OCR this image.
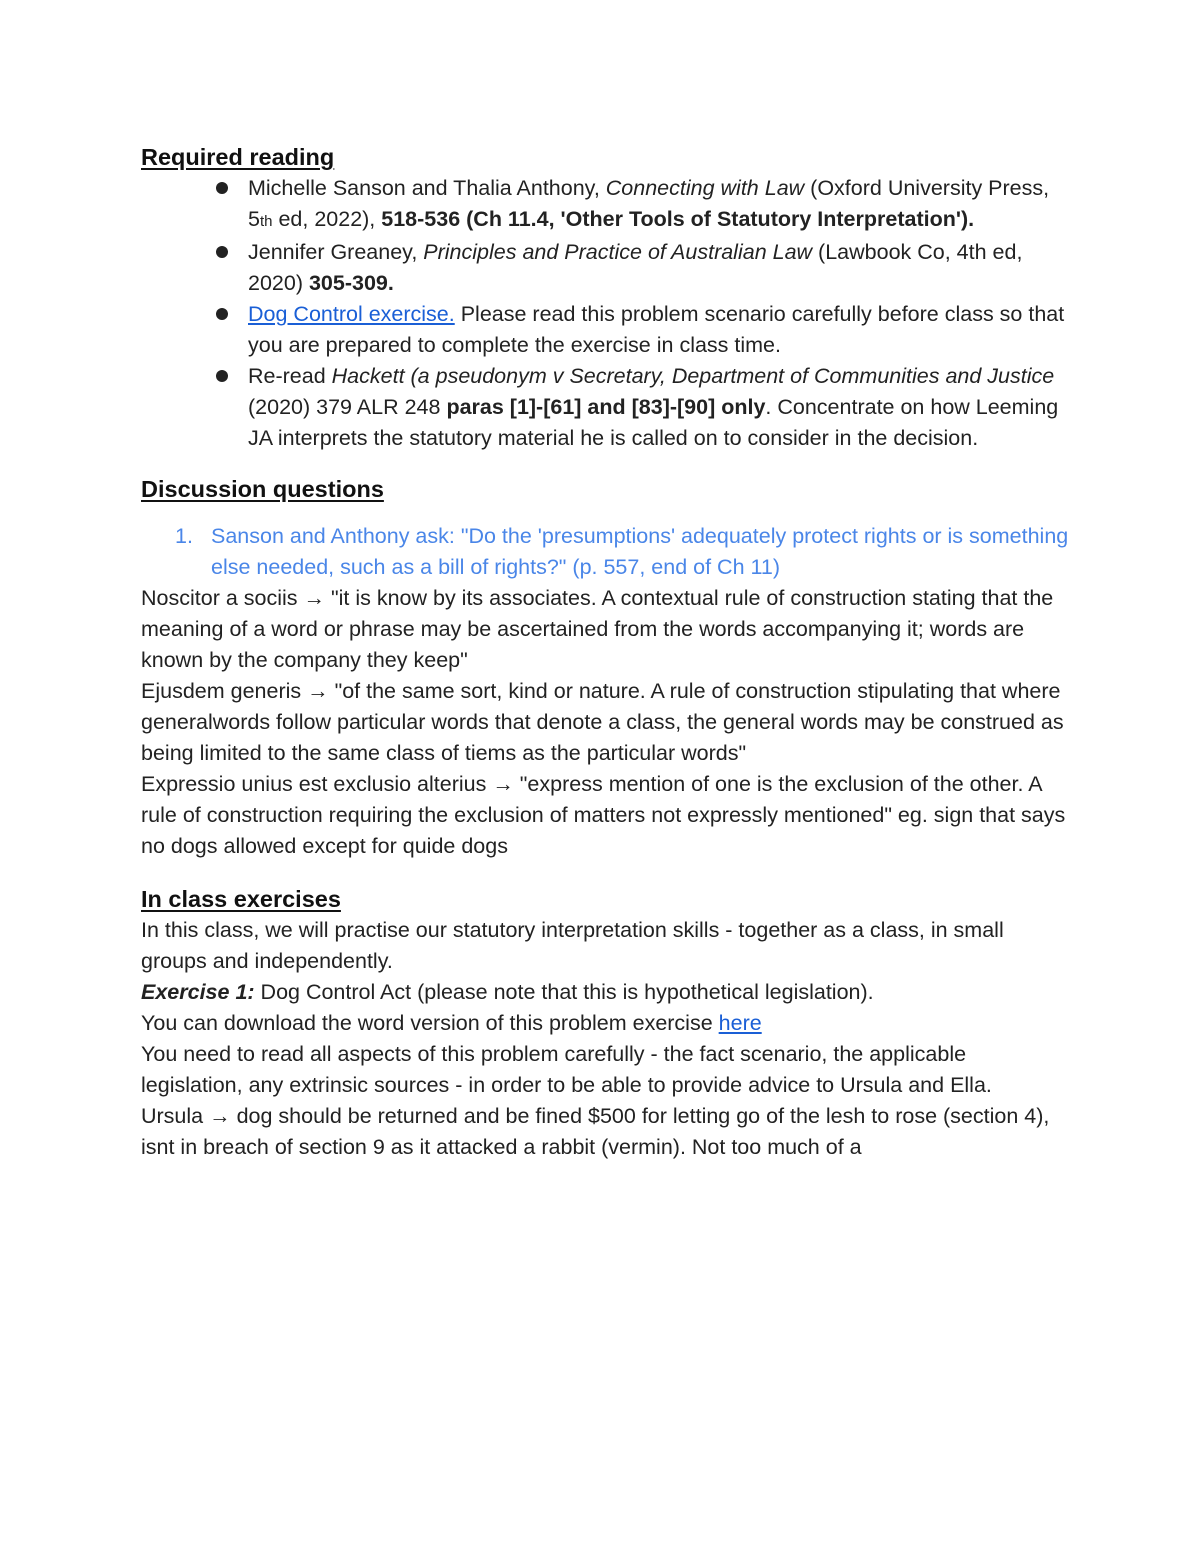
Required reading
Michelle Sanson and Thalia Anthony, Connecting with Law (Oxford University Press, 5th ed, 2022), 518-536 (Ch 11.4, 'Other Tools of Statutory Interpretation').
Jennifer Greaney, Principles and Practice of Australian Law (Lawbook Co, 4th ed, 2020) 305-309.
Dog Control exercise. Please read this problem scenario carefully before class so that you are prepared to complete the exercise in class time.
Re-read Hackett (a pseudonym v Secretary, Department of Communities and Justice (2020) 379 ALR 248 paras [1]-[61] and [83]-[90] only. Concentrate on how Leeming JA interprets the statutory material he is called on to consider in the decision.
Discussion questions
1. Sanson and Anthony ask: "Do the 'presumptions' adequately protect rights or is something else needed, such as a bill of rights?" (p. 557, end of Ch 11)

Noscitor a sociis → "it is know by its associates. A contextual rule of construction stating that the meaning of a word or phrase may be ascertained from the words accompanying it; words are known by the company they keep"

Ejusdem generis → "of the same sort, kind or nature. A rule of construction stipulating that where generalwords follow particular words that denote a class, the general words may be construed as being limited to the same class of tiems as the particular words"

Expressio unius est exclusio alterius → "express mention of one is the exclusion of the other. A rule of construction requiring the exclusion of matters not expressly mentioned" eg. sign that says no dogs allowed except for quide dogs

In class exercises

In this class, we will practise our statutory interpretation skills - together as a class, in small groups and independently.

Exercise 1: Dog Control Act (please note that this is hypothetical legislation).

You can download the word version of this problem exercise here

You need to read all aspects of this problem carefully - the fact scenario, the applicable legislation, any extrinsic sources - in order to be able to provide advice to Ursula and Ella.

Ursula → dog should be returned and be fined $500 for letting go of the lesh to rose (section 4), isnt in breach of section 9 as it attacked a rabbit (vermin). Not too much of a
